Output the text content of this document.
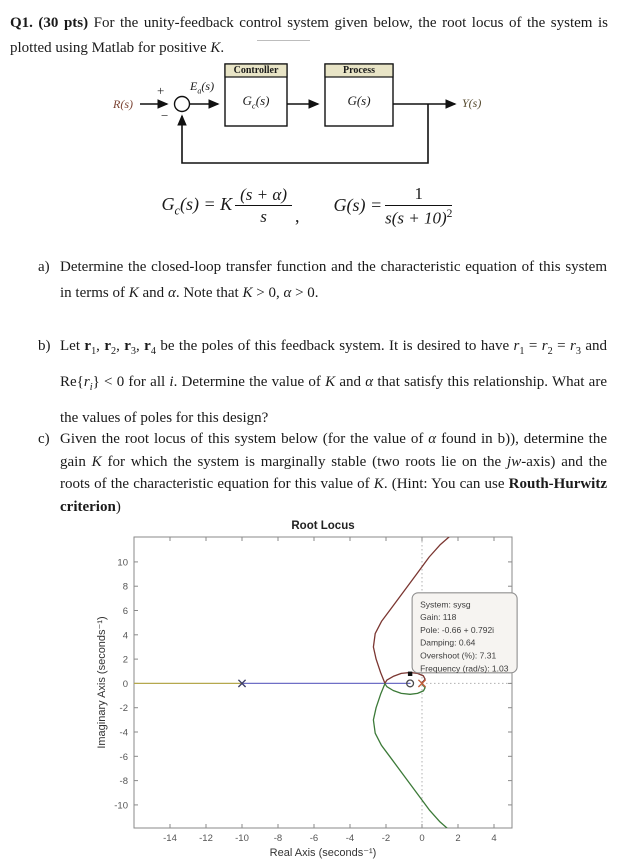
Q1. (30 pts) For the unity-feedback control system given below, the root locus of the system is plotted using Matlab for positive K.
R(s)
+
−
$E_a(s)$
Controller
$G_c(s)$
Process
G(s)	Y(s)
$G_c(s) = K \frac{(s + \alpha)}{s}$ ,
$G(s) = \frac{1}{s(s + 10)^2}$
a) Determine the closed-loop transfer function and the characteristic equation of this system in terms of K and α. Note that K > 0, α > 0.
b) Let $r_1$, $r_2$, $r_3$, $r_4$ be the poles of this feedback system. It is desired to have $r_1 = r_2 = r_3$ and $Re\{r_i\} < 0$ for all i. Determine the value of K and α that satisfy this relationship. What are the values of poles for this design?
c) Given the root locus of this system below (for the value of α found in b)), determine the gain K for which the system is marginally stable (two roots lie on the jw-axis) and the roots of the characteristic equation for this value of K. (Hint: You can use Routh-Hurwitz criterion)
-14 -12 -10	-8	-6	-4	-2	0	2	4
-10
-8
-6
-4
-2
0
2
4
6
8
10
System: sysg
Gain: 118
Pole: -0.66 + 0.792i
Damping: 0.64
Overshoot (%): 7.31
Frequency (rad/s): 1.03
Root Locus
Real Axis (seconds⁻¹)
Imaginary Axis (seconds⁻¹)
